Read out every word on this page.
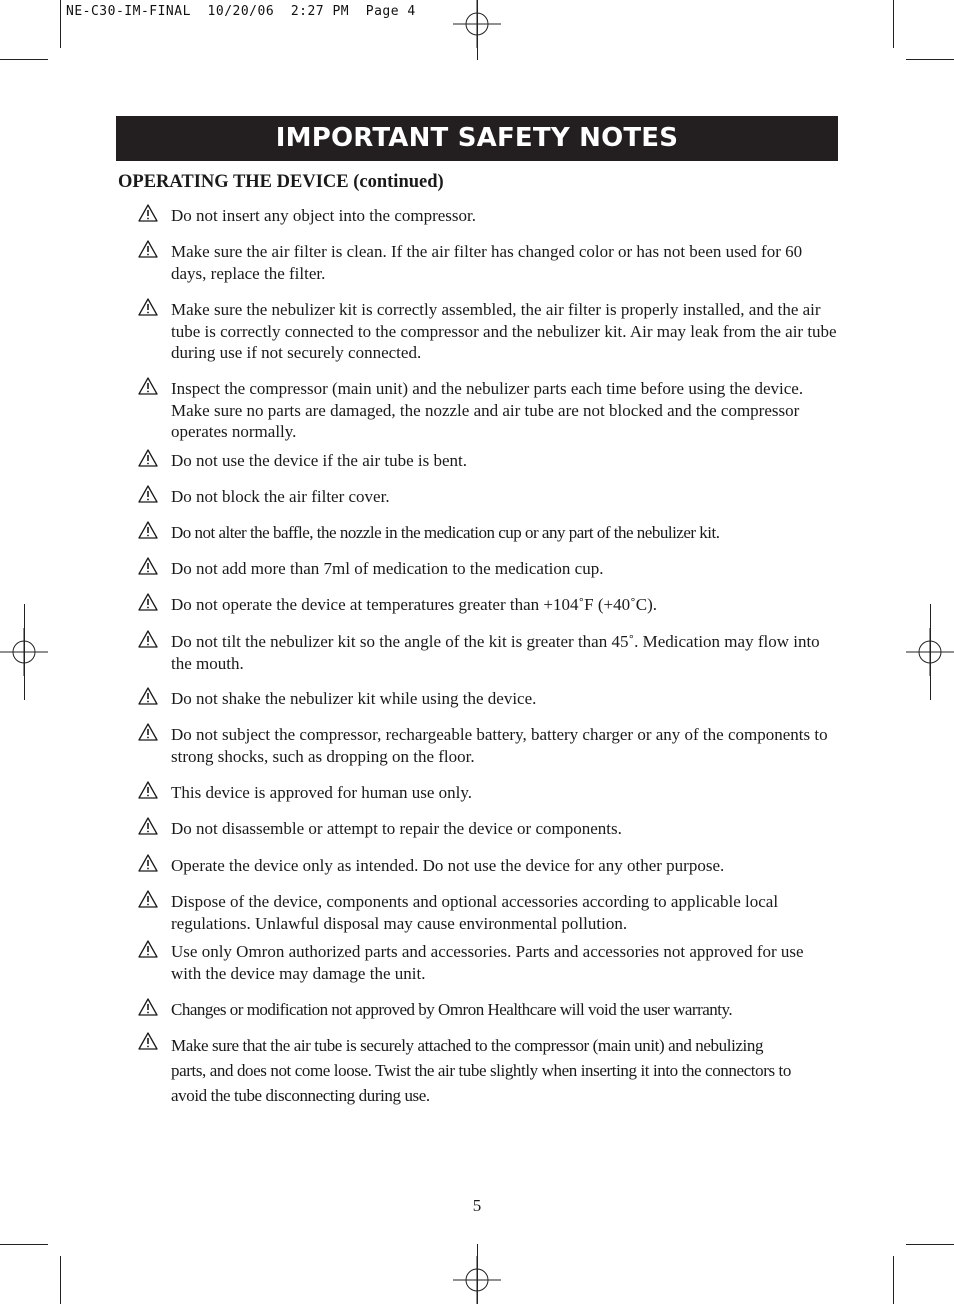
NE-C30-IM-FINAL  10/20/06  2:27 PM  Page 4
IMPORTANT SAFETY NOTES
OPERATING THE DEVICE (continued)
Do not insert any object into the compressor.
Make sure the air filter is clean. If the air filter has changed color or has not been used for 60 days, replace the filter.
Make sure the nebulizer kit is correctly assembled, the air filter is properly installed, and the air tube is correctly connected to the compressor and the nebulizer kit. Air may leak from the air tube during use if not securely connected.
Inspect the compressor (main unit) and the nebulizer parts each time before using the device. Make sure no parts are damaged, the nozzle and air tube are not blocked and the compressor operates normally.
Do not use the device if the air tube is bent.
Do not block the air filter cover.
Do not alter the baffle, the nozzle in the medication cup or any part of the nebulizer kit.
Do not add more than 7ml of medication to the medication cup.
Do not operate the device at temperatures greater than +104˚F (+40˚C).
Do not tilt the nebulizer kit so the angle of the kit is greater than 45˚. Medication may flow into the mouth.
Do not shake the nebulizer kit while using the device.
Do not subject the compressor, rechargeable battery, battery charger or any of the components to strong shocks, such as dropping on the floor.
This device is approved for human use only.
Do not disassemble or attempt to repair the device or components.
Operate the device only as intended. Do not use the device for any other purpose.
Dispose of the device, components and optional accessories according to applicable local regulations. Unlawful disposal may cause environmental pollution.
Use only Omron authorized parts and accessories. Parts and accessories not approved for use with the device may damage the unit.
Changes or modification not approved by Omron Healthcare will void the user warranty.
Make sure that the air tube is securely attached to the compressor (main unit) and nebulizing parts, and does not come loose. Twist the air tube slightly when inserting it into the connectors to avoid the tube disconnecting during use.
5
